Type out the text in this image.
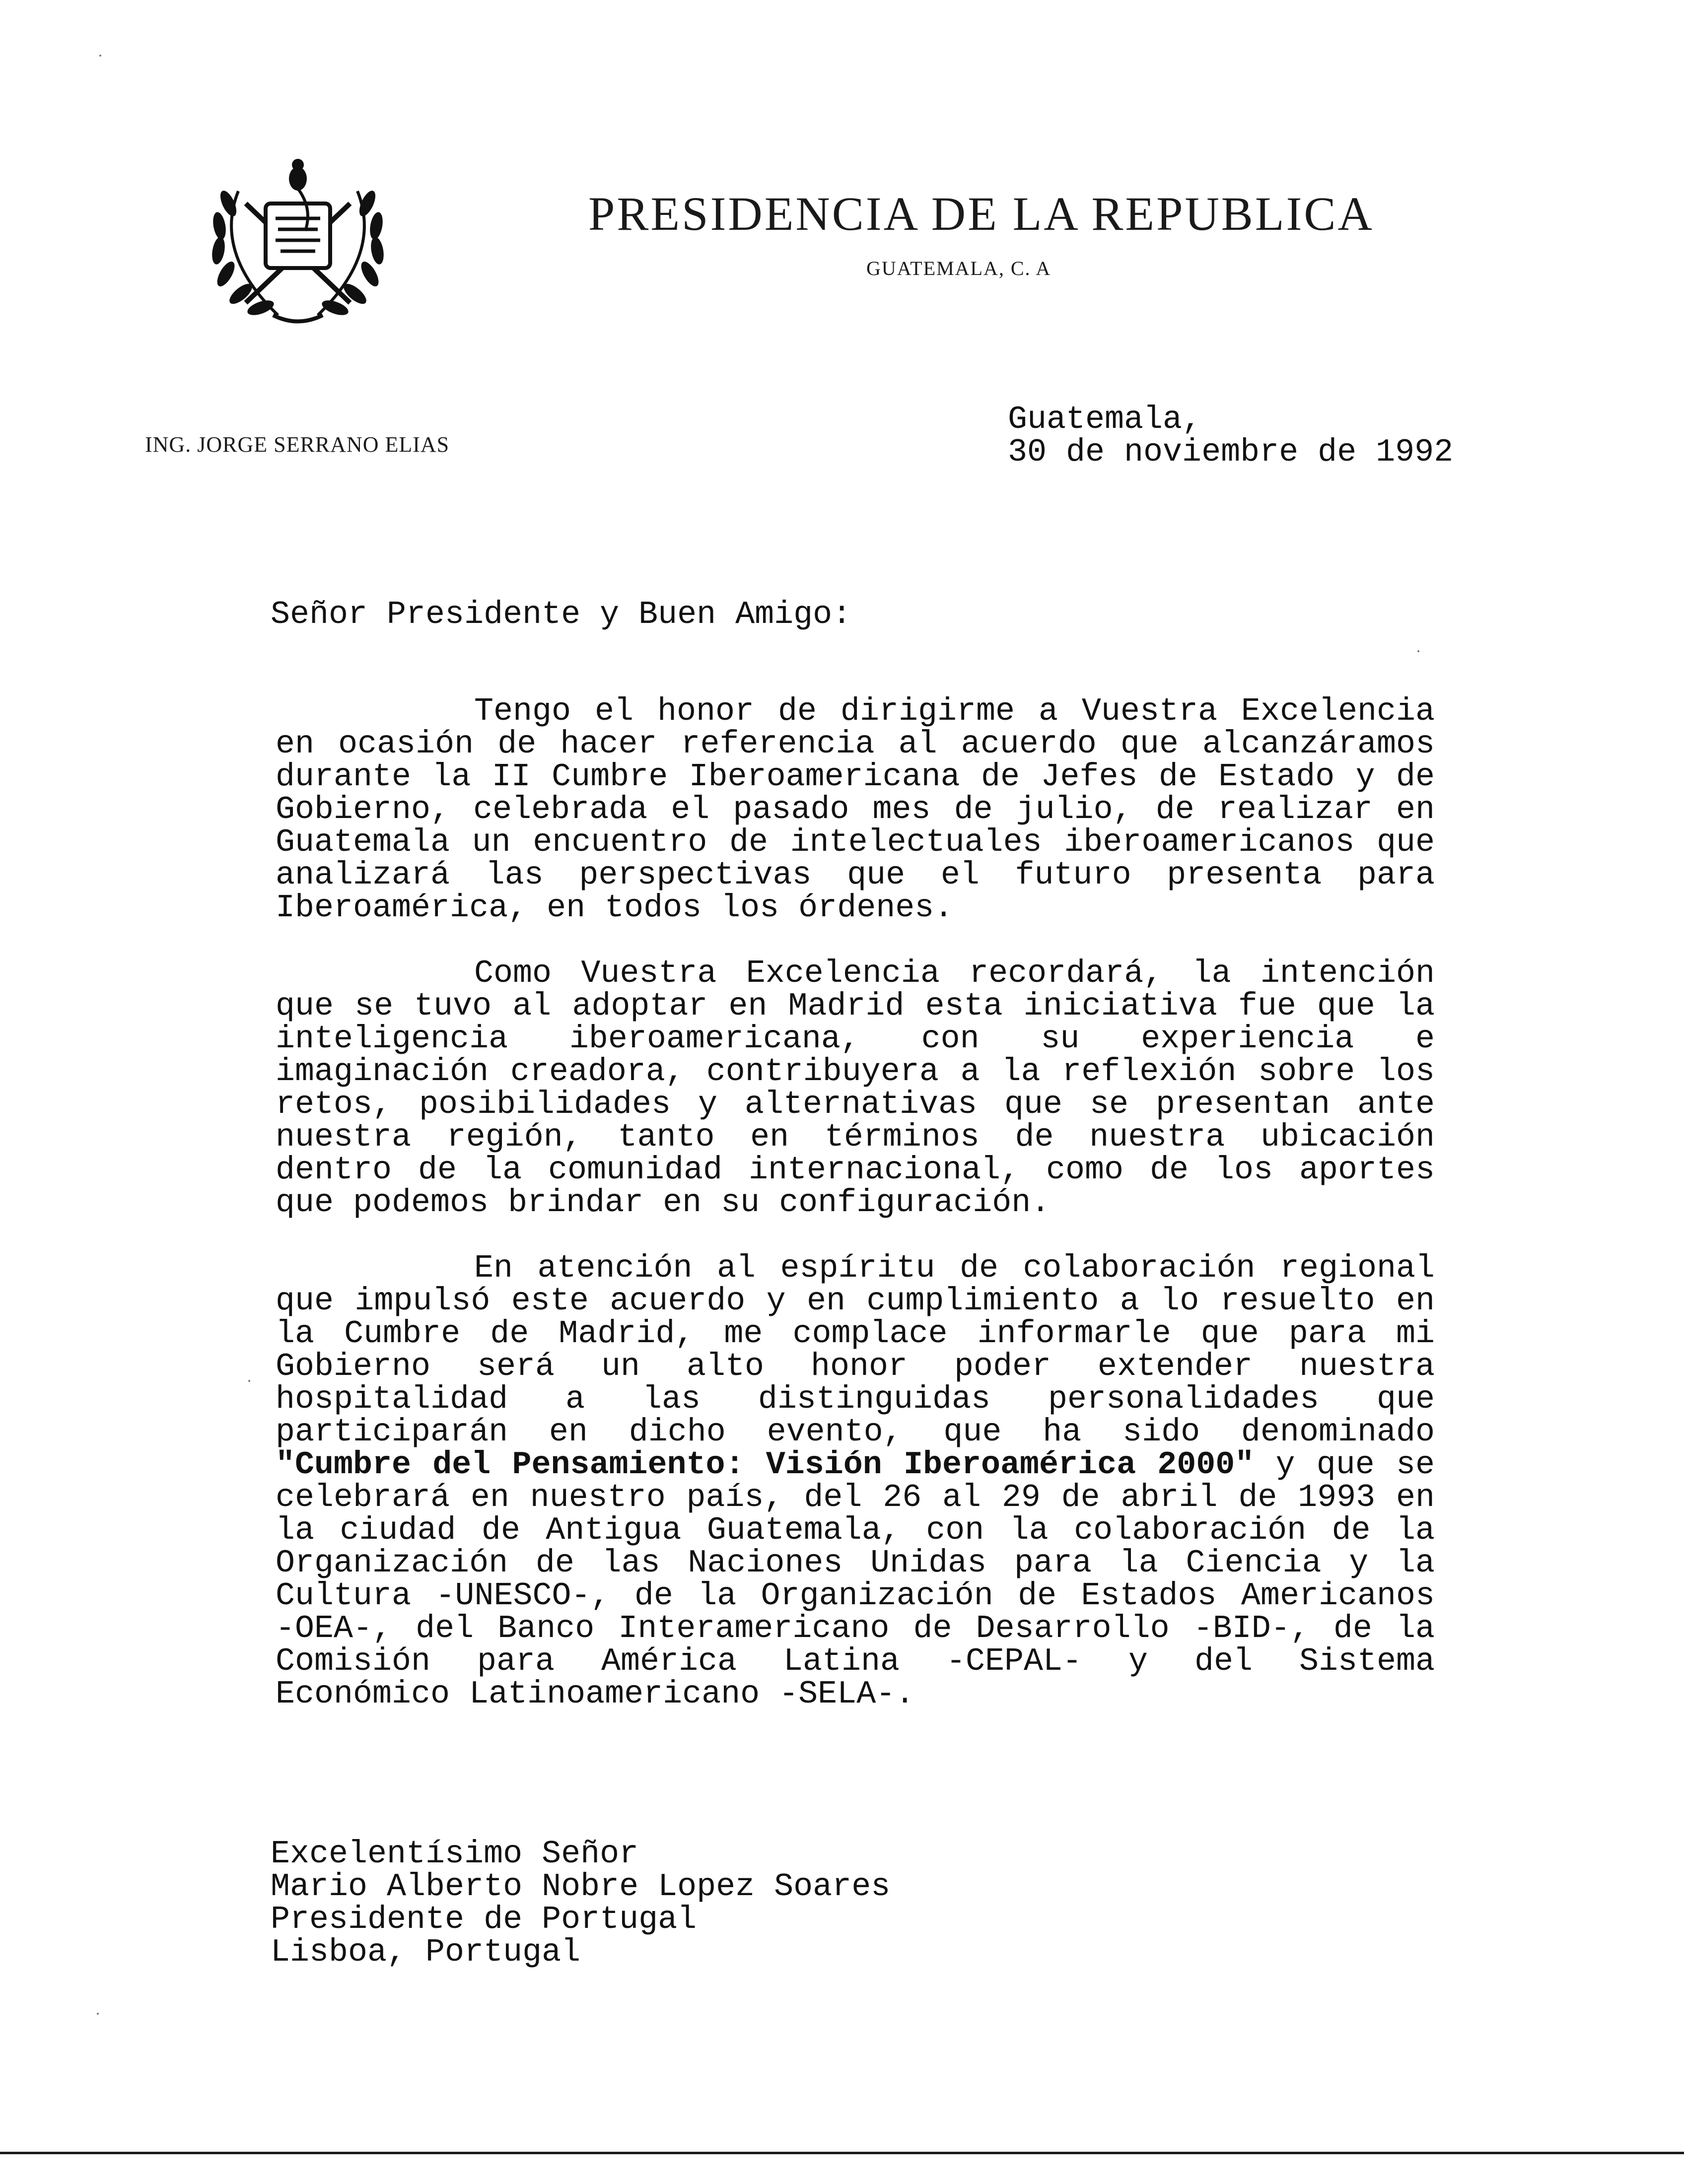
PRESIDENCIA DE LA REPUBLICA
GUATEMALA, C. A
ING. JORGE SERRANO ELIAS
Guatemala,
30 de noviembre de 1992
Señor Presidente y Buen Amigo:

Tengo el honor de dirigirme a Vuestra Excelencia en ocasión de hacer referencia al acuerdo que alcanzáramos durante la II Cumbre Iberoamericana de Jefes de Estado y de Gobierno, celebrada el pasado mes de julio, de realizar en Guatemala un encuentro de intelectuales iberoamericanos que analizará las perspectivas que el futuro presenta para Iberoamérica, en todos los órdenes.

Como Vuestra Excelencia recordará, la intención que se tuvo al adoptar en Madrid esta iniciativa fue que la inteligencia iberoamericana, con su experiencia e imaginación creadora, contribuyera a la reflexión sobre los retos, posibilidades y alternativas que se presentan ante nuestra región, tanto en términos de nuestra ubicación dentro de la comunidad internacional, como de los aportes que podemos brindar en su configuración.

En atención al espíritu de colaboración regional que impulsó este acuerdo y en cumplimiento a lo resuelto en la Cumbre de Madrid, me complace informarle que para mi Gobierno será un alto honor poder extender nuestra hospitalidad a las distinguidas personalidades que participarán en dicho evento, que ha sido denominado "Cumbre del Pensamiento: Visión Iberoamérica 2000" y que se celebrará en nuestro país, del 26 al 29 de abril de 1993 en la ciudad de Antigua Guatemala, con la colaboración de la Organización de las Naciones Unidas para la Ciencia y la Cultura -UNESCO-, de la Organización de Estados Americanos -OEA-, del Banco Interamericano de Desarrollo -BID-, de la Comisión para América Latina -CEPAL- y del Sistema Económico Latinoamericano -SELA-.

Excelentísimo Señor
Mario Alberto Nobre Lopez Soares
Presidente de Portugal
Lisboa, Portugal
